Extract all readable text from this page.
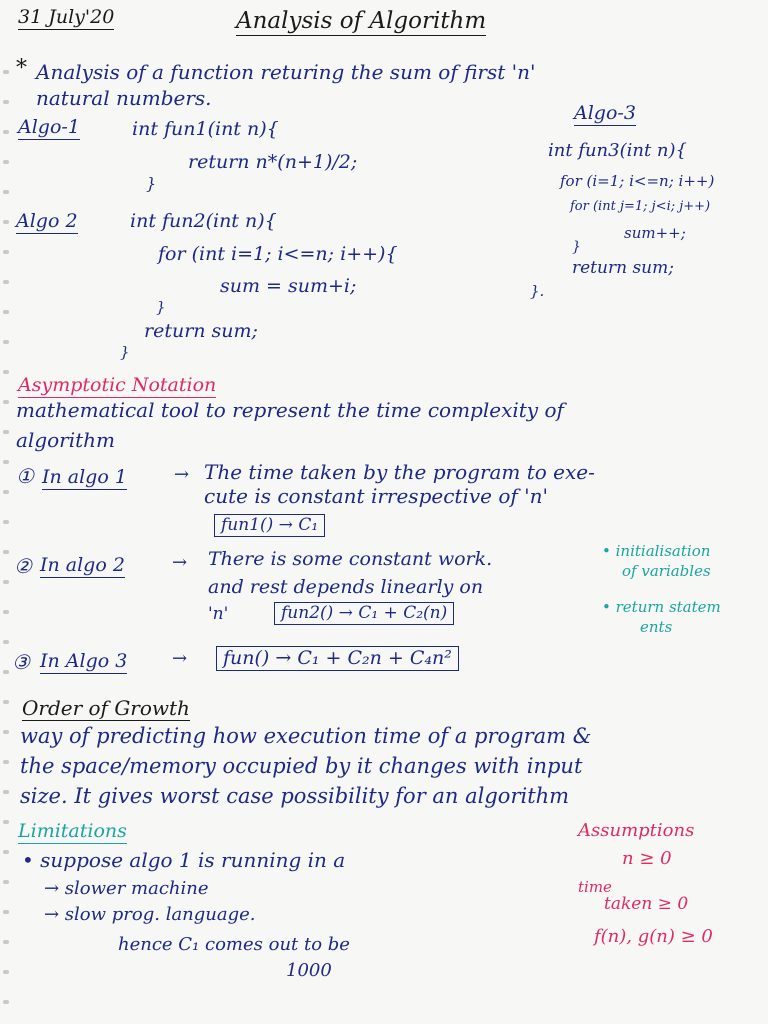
31 July'20	Analysis of Algorithm
* Analysis of a function returing the sum of first 'n'
natural numbers.
Algo-1	int fun1(int n){
return n*(n+1)/2;
}
Algo-3
int fun3(int n){
for (i=1; i<=n; i++)
for (int j=1; j<i; j++)
sum++;
}
return sum;
}.
Algo 2	int fun2(int n){
for (int i=1; i<=n; i++){
sum = sum+i;
}
return sum;
}
Asymptotic Notation
mathematical tool to represent the time complexity of
algorithm
① In algo 1	→ The time taken by the program to exe-
cute is constant irrespective of 'n'
fun1() → C₁
② In algo 2	→ There is some constant work.
and rest depends linearly on
'n'	fun2() → C₁ + C₂(n)
• initialisation
of variables
• return statem
ents
③ In Algo 3 →	fun() → C₁ + C₂n + C₄n²
Order of Growth
way of predicting how execution time of a program &
the space/memory occupied by it changes with input
size. It gives worst case possibility for an algorithm
Limitations
• suppose algo 1 is running in a
→ slower machine
→ slow prog. language.
hence C₁ comes out to be
1000
Assumptions
n ≥ 0
time
taken ≥ 0
f(n), g(n) ≥ 0
